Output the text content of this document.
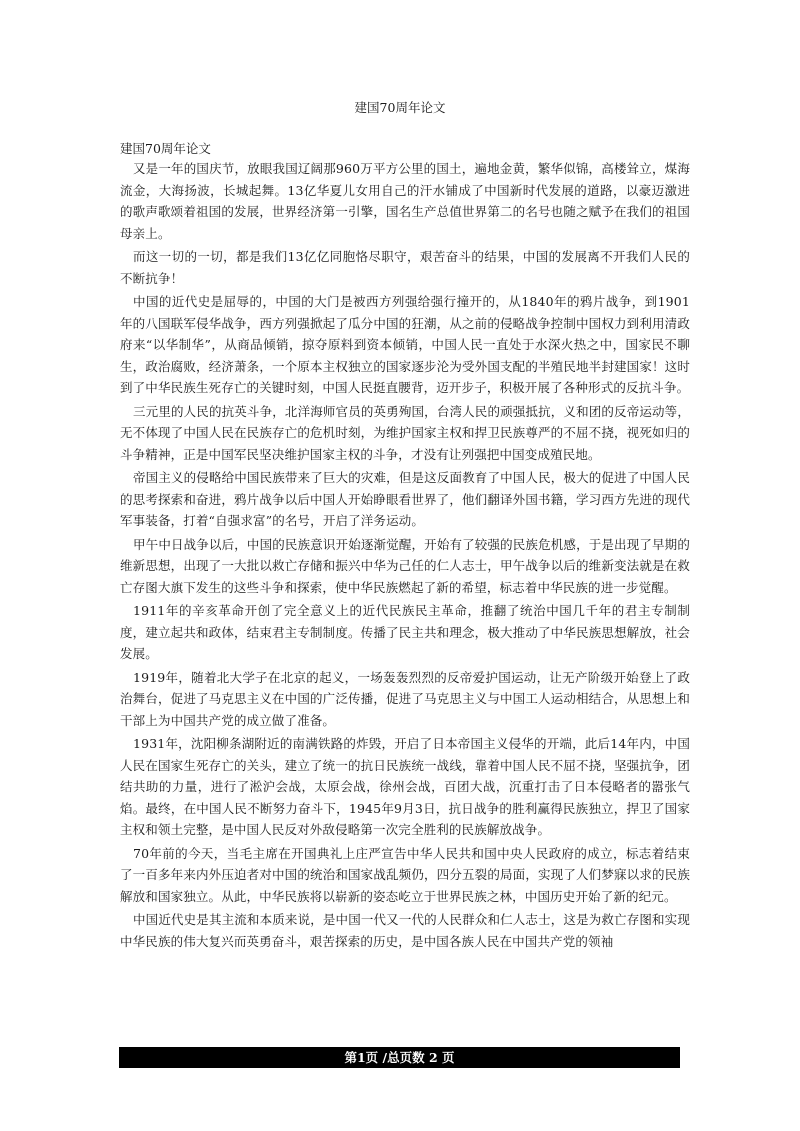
建国70周年论文

建国70周年论文

又是一年的国庆节，放眼我国辽阔那960万平方公里的国土，遍地金黄，繁华似锦，高楼耸立，煤海流金，大海扬波，长城起舞。13亿华夏儿女用自己的汗水铺成了中国新时代发展的道路，以豪迈激进的歌声歌颂着祖国的发展，世界经济第一引擎，国名生产总值世界第二的名号也随之赋予在我们的祖国母亲上。

而这一切的一切，都是我们13亿亿同胞恪尽职守，艰苦奋斗的结果，中国的发展离不开我们人民的不断抗争！

中国的近代史是屈辱的，中国的大门是被西方列强给强行撞开的，从1840年的鸦片战争，到1901年的八国联军侵华战争，西方列强掀起了瓜分中国的狂潮，从之前的侵略战争控制中国权力到利用清政府来“以华制华”，从商品倾销，掠夺原料到资本倾销，中国人民一直处于水深火热之中，国家民不聊生，政治腐败，经济萧条，一个原本主权独立的国家逐步沦为受外国支配的半殖民地半封建国家！这时到了中华民族生死存亡的关键时刻，中国人民挺直腰背，迈开步子，积极开展了各种形式的反抗斗争。

三元里的人民的抗英斗争，北洋海师官员的英勇殉国，台湾人民的顽强抵抗，义和团的反帝运动等，无不体现了中国人民在民族存亡的危机时刻，为维护国家主权和捍卫民族尊严的不屈不挠，视死如归的斗争精神，正是中国军民坚决维护国家主权的斗争，才没有让列强把中国变成殖民地。

帝国主义的侵略给中国民族带来了巨大的灾难，但是这反面教育了中国人民，极大的促进了中国人民的思考探索和奋进，鸦片战争以后中国人开始睁眼看世界了，他们翻译外国书籍，学习西方先进的现代军事装备，打着“自强求富”的名号，开启了洋务运动。

甲午中日战争以后，中国的民族意识开始逐渐觉醒，开始有了较强的民族危机感，于是出现了早期的维新思想，出现了一大批以救亡存储和振兴中华为己任的仁人志士，甲午战争以后的维新变法就是在救亡存图大旗下发生的这些斗争和探索，使中华民族燃起了新的希望，标志着中华民族的进一步觉醒。

1911年的辛亥革命开创了完全意义上的近代民族民主革命，推翻了统治中国几千年的君主专制制度，建立起共和政体，结束君主专制制度。传播了民主共和理念，极大推动了中华民族思想解放，社会发展。

1919年，随着北大学子在北京的起义，一场轰轰烈烈的反帝爱护国运动，让无产阶级开始登上了政治舞台，促进了马克思主义在中国的广泛传播，促进了马克思主义与中国工人运动相结合，从思想上和干部上为中国共产党的成立做了准备。

1931年，沈阳柳条湖附近的南满铁路的炸毁，开启了日本帝国主义侵华的开端，此后14年内，中国人民在国家生死存亡的关头，建立了统一的抗日民族统一战线，靠着中国人民不屈不挠，坚强抗争，团结共助的力量，进行了淞沪会战，太原会战，徐州会战，百团大战，沉重打击了日本侵略者的嚣张气焰。最终，在中国人民不断努力奋斗下，1945年9月3日，抗日战争的胜利赢得民族独立，捍卫了国家主权和领土完整，是中国人民反对外敌侵略第一次完全胜利的民族解放战争。

70年前的今天，当毛主席在开国典礼上庄严宣告中华人民共和国中央人民政府的成立，标志着结束了一百多年来内外压迫者对中国的统治和国家战乱频仍，四分五裂的局面，实现了人们梦寐以求的民族解放和国家独立。从此，中华民族将以崭新的姿态屹立于世界民族之林，中国历史开始了新的纪元。

中国近代史是其主流和本质来说，是中国一代又一代的人民群众和仁人志士，这是为救亡存图和实现中华民族的伟大复兴而英勇奋斗，艰苦探索的历史，是中国各族人民在中国共产党的领袖

第1页 /总页数 2 页
